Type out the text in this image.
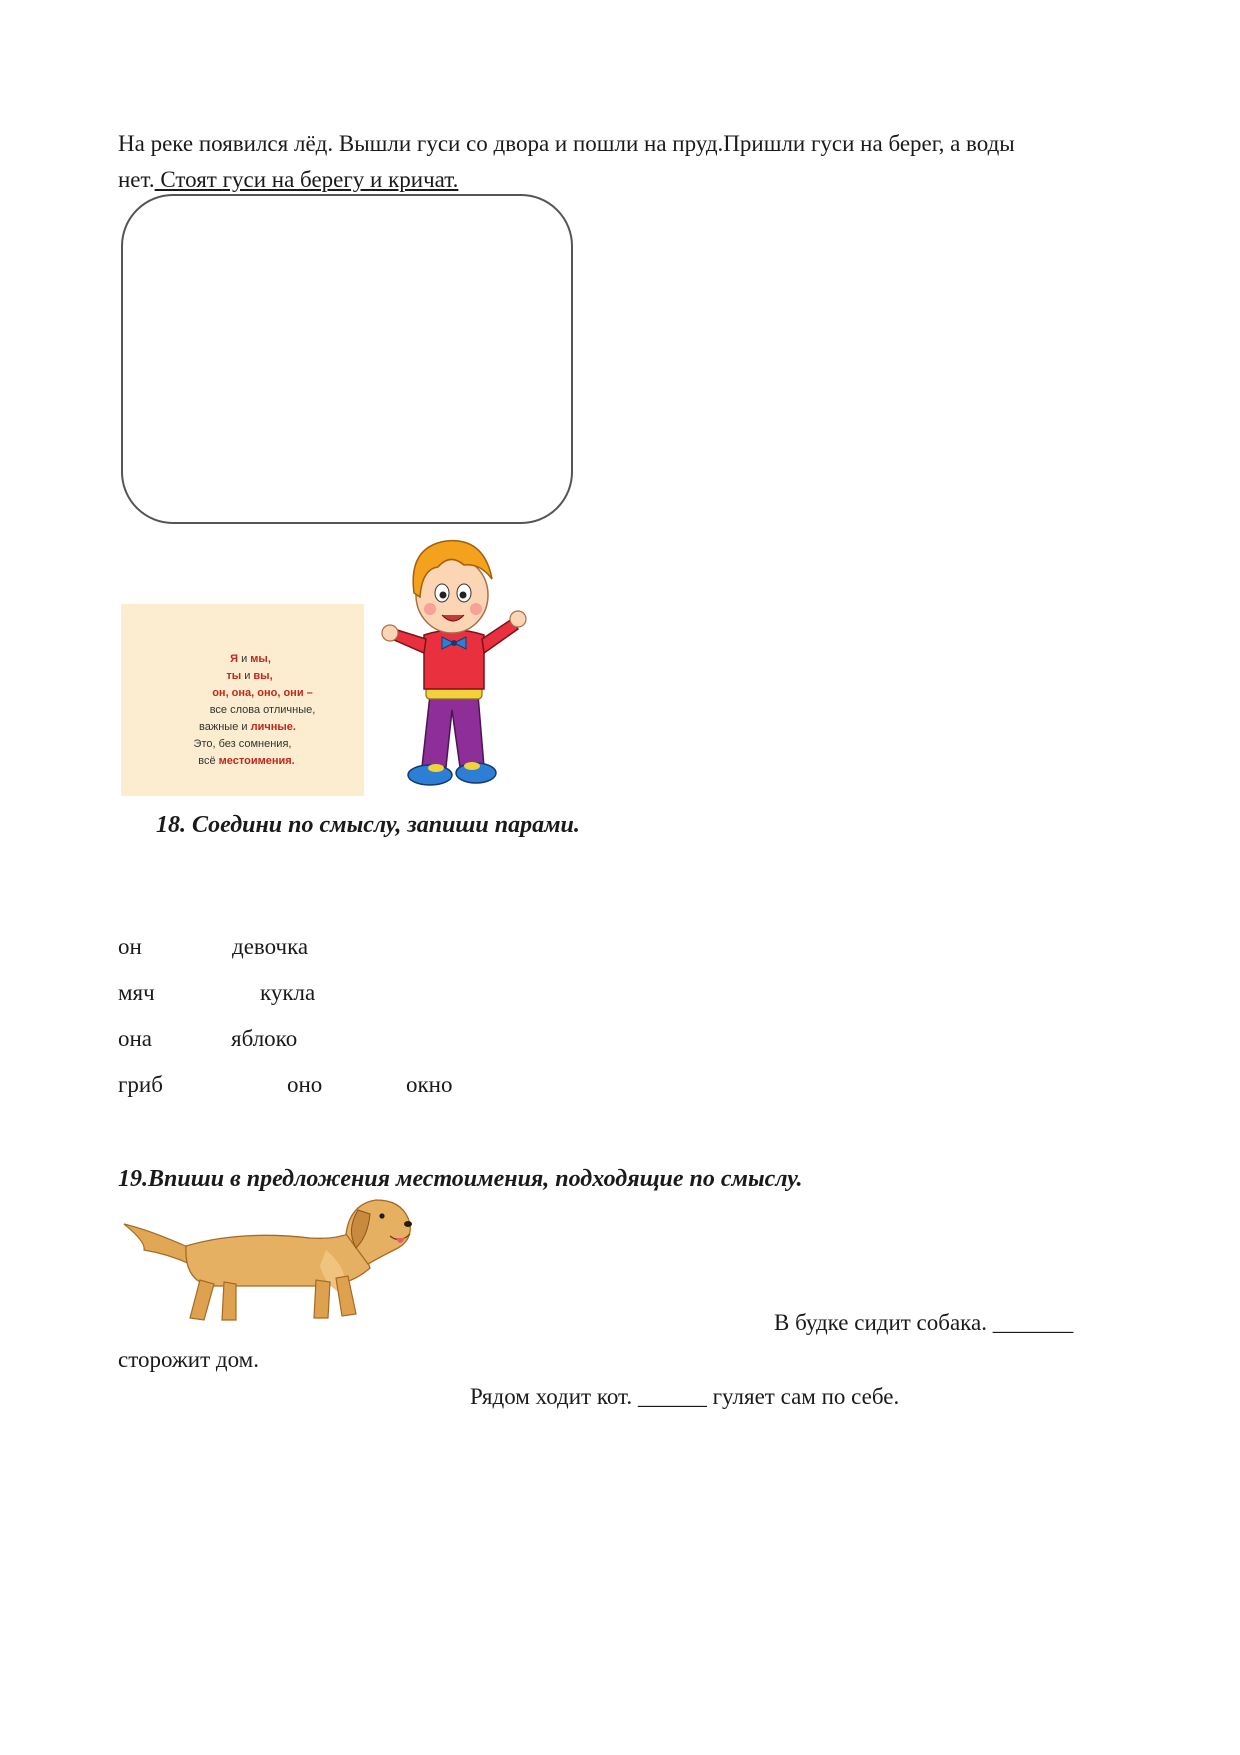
На реке появился лёд. Вышли гуси со двора и пошли на пруд.Пришли гуси на берег, а воды
нет. Стоят гуси на берегу и кричат.
Я и мы,
ты и вы,
он, она, оно, они –
все слова отличные,
важные и личные.
Это, без сомнения,
всё местоимения.
18. Соедини по смыслу, запиши парами.
он	девочка
мяч	кукла
она	яблоко
гриб	оно	окно
19.Впиши в предложения местоимения, подходящие по смыслу.
В будке сидит собака. _______
сторожит дом.
Рядом ходит кот. ______ гуляет сам по себе.
